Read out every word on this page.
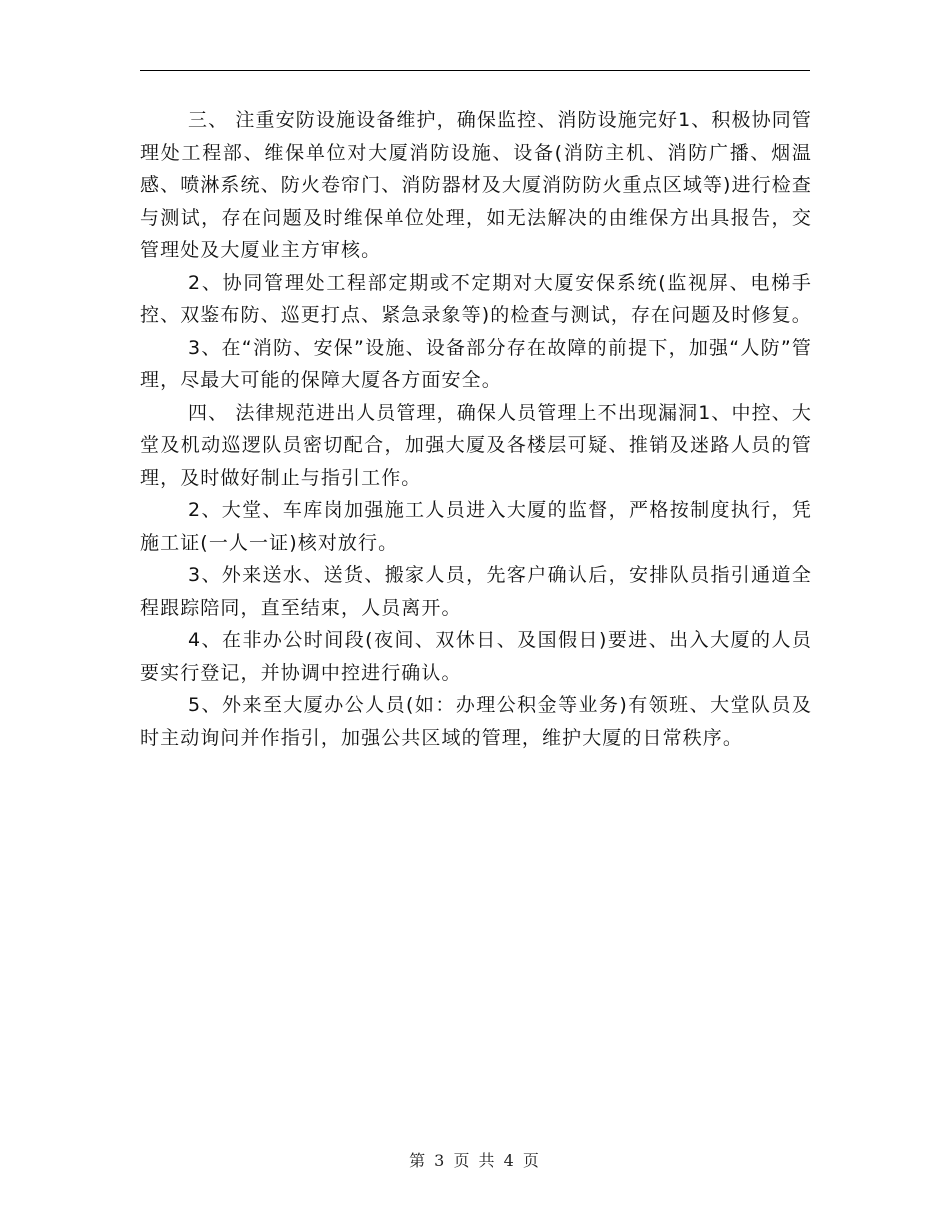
三、 注重安防设施设备维护，确保监控、消防设施完好1、积极协同管理处工程部、维保单位对大厦消防设施、设备(消防主机、消防广播、烟温感、喷淋系统、防火卷帘门、消防器材及大厦消防防火重点区域等)进行检查与测试，存在问题及时维保单位处理，如无法解决的由维保方出具报告，交管理处及大厦业主方审核。

2、协同管理处工程部定期或不定期对大厦安保系统(监视屏、电梯手控、双鉴布防、巡更打点、紧急录象等)的检查与测试，存在问题及时修复。

3、在“消防、安保”设施、设备部分存在故障的前提下，加强“人防”管理，尽最大可能的保障大厦各方面安全。

四、 法律规范进出人员管理，确保人员管理上不出现漏洞1、中控、大堂及机动巡逻队员密切配合，加强大厦及各楼层可疑、推销及迷路人员的管理，及时做好制止与指引工作。

2、大堂、车库岗加强施工人员进入大厦的监督，严格按制度执行，凭施工证(一人一证)核对放行。

3、外来送水、送货、搬家人员，先客户确认后，安排队员指引通道全程跟踪陪同，直至结束，人员离开。

4、在非办公时间段(夜间、双休日、及国假日)要进、出入大厦的人员要实行登记，并协调中控进行确认。

5、外来至大厦办公人员(如：办理公积金等业务)有领班、大堂队员及时主动询问并作指引，加强公共区域的管理，维护大厦的日常秩序。

第 3 页 共 4 页
